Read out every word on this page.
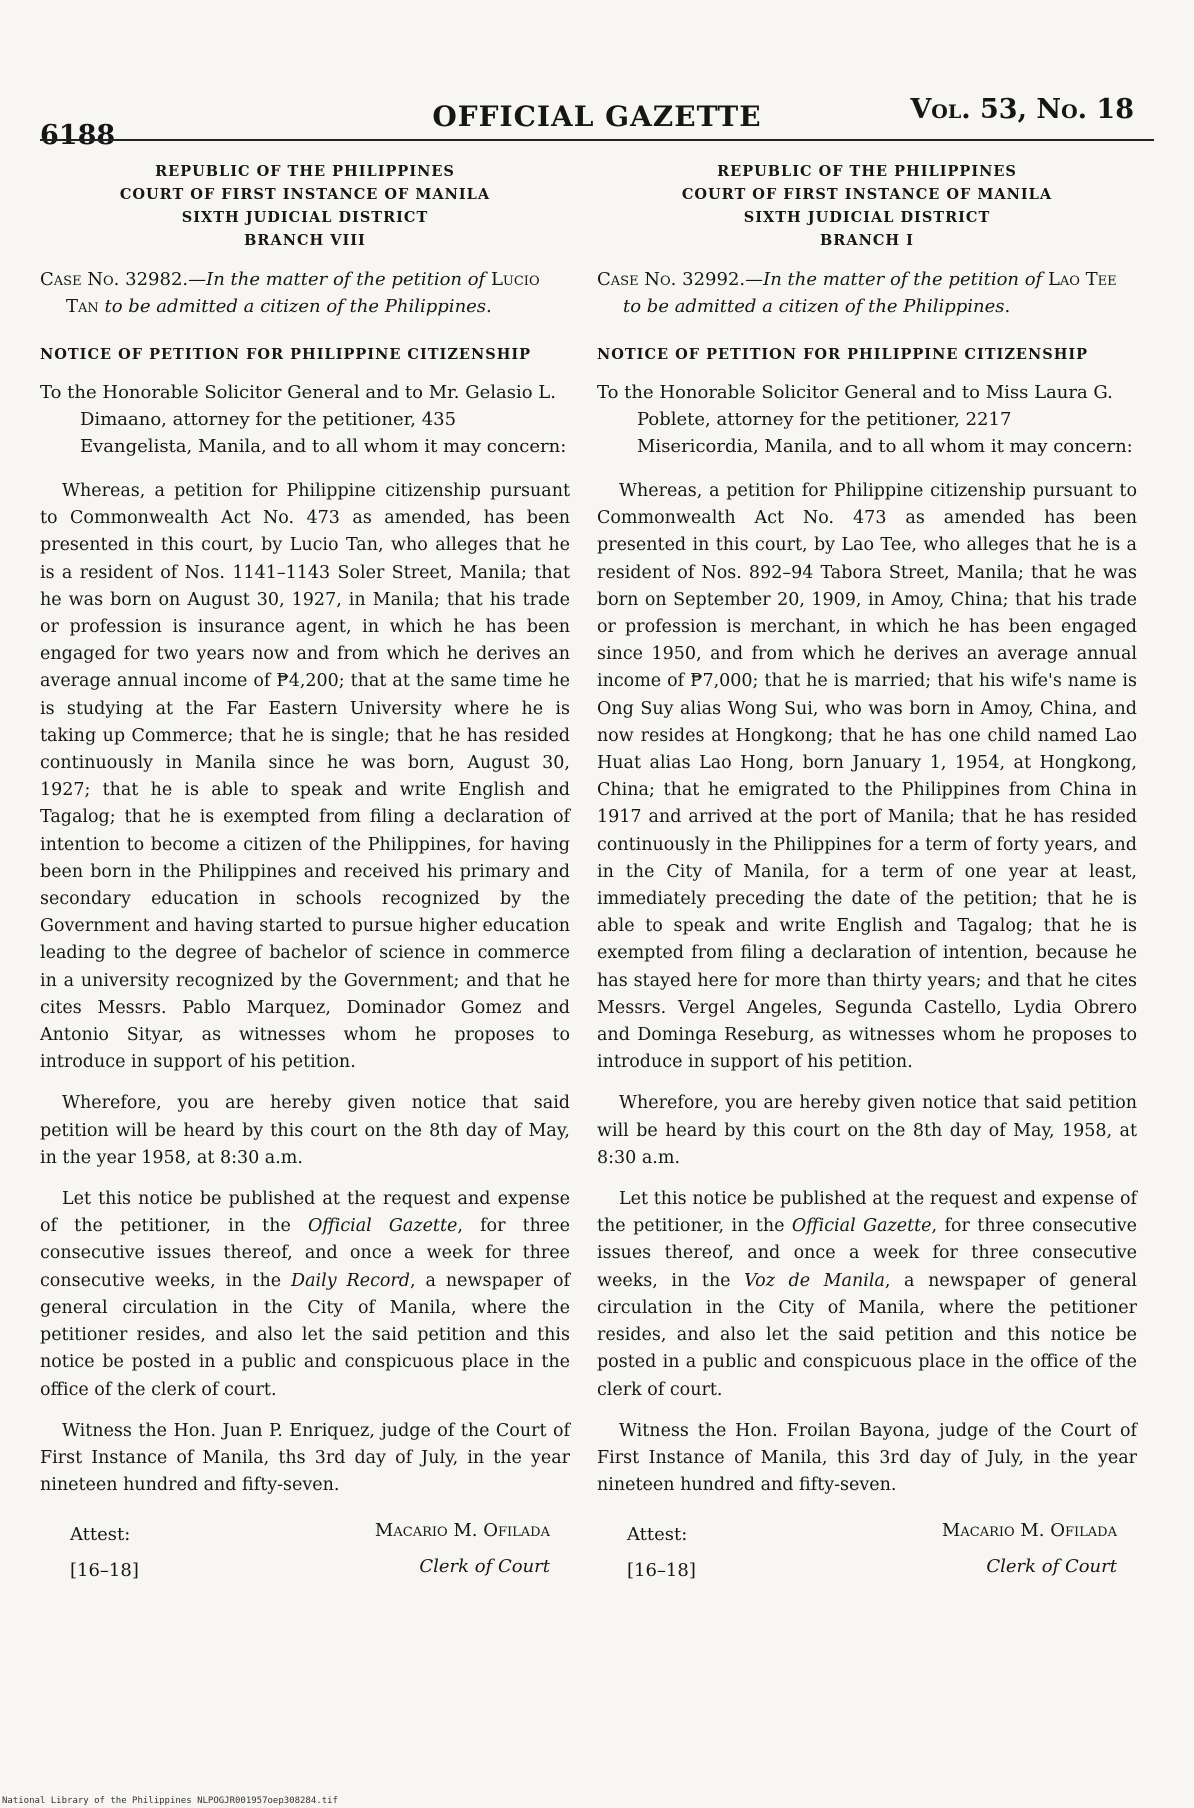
6188
OFFICIAL GAZETTE	Vol. 53, No. 18
REPUBLIC OF THE PHILIPPINES
COURT OF FIRST INSTANCE OF MANILA
SIXTH JUDICIAL DISTRICT
BRANCH VIII
Case No. 32982.—In the matter of the petition of Lucio Tan to be admitted a citizen of the Philippines.
NOTICE OF PETITION FOR PHILIPPINE CITIZENSHIP
To the Honorable Solicitor General and to Mr. Gelasio L. Dimaano, attorney for the petitioner, 435 Evangelista, Manila, and to all whom it may concern:

Whereas, a petition for Philippine citizenship pursuant to Commonwealth Act No. 473 as amended, has been presented in this court, by Lucio Tan, who alleges that he is a resident of Nos. 1141–1143 Soler Street, Manila; that he was born on August 30, 1927, in Manila; that his trade or profession is insurance agent, in which he has been engaged for two years now and from which he derives an average annual income of ₱4,200; that at the same time he is studying at the Far Eastern University where he is taking up Commerce; that he is single; that he has resided continuously in Manila since he was born, August 30, 1927; that he is able to speak and write English and Tagalog; that he is exempted from filing a declaration of intention to become a citizen of the Philippines, for having been born in the Philippines and received his primary and secondary education in schools recognized by the Government and having started to pursue higher education leading to the degree of bachelor of science in commerce in a university recognized by the Government; and that he cites Messrs. Pablo Marquez, Dominador Gomez and Antonio Sityar, as witnesses whom he proposes to introduce in support of his petition.

Wherefore, you are hereby given notice that said petition will be heard by this court on the 8th day of May, in the year 1958, at 8:30 a.m.

Let this notice be published at the request and expense of the petitioner, in the Official Gazette, for three consecutive issues thereof, and once a week for three consecutive weeks, in the Daily Record, a newspaper of general circulation in the City of Manila, where the petitioner resides, and also let the said petition and this notice be posted in a public and conspicuous place in the office of the clerk of court.

Witness the Hon. Juan P. Enriquez, judge of the Court of First Instance of Manila, ths 3rd day of July, in the year nineteen hundred and fifty-seven.

Attest:
[16–18]
Macario M. Ofilada
Clerk of Court
REPUBLIC OF THE PHILIPPINES
COURT OF FIRST INSTANCE OF MANILA
SIXTH JUDICIAL DISTRICT
BRANCH I
Case No. 32992.—In the matter of the petition of Lao Tee to be admitted a citizen of the Philippines.
NOTICE OF PETITION FOR PHILIPPINE CITIZENSHIP
To the Honorable Solicitor General and to Miss Laura G. Poblete, attorney for the petitioner, 2217 Misericordia, Manila, and to all whom it may concern:

Whereas, a petition for Philippine citizenship pursuant to Commonwealth Act No. 473 as amended has been presented in this court, by Lao Tee, who alleges that he is a resident of Nos. 892–94 Tabora Street, Manila; that he was born on September 20, 1909, in Amoy, China; that his trade or profession is merchant, in which he has been engaged since 1950, and from which he derives an average annual income of ₱7,000; that he is married; that his wife's name is Ong Suy alias Wong Sui, who was born in Amoy, China, and now resides at Hongkong; that he has one child named Lao Huat alias Lao Hong, born January 1, 1954, at Hongkong, China; that he emigrated to the Philippines from China in 1917 and arrived at the port of Manila; that he has resided continuously in the Philippines for a term of forty years, and in the City of Manila, for a term of one year at least, immediately preceding the date of the petition; that he is able to speak and write English and Tagalog; that he is exempted from filing a declaration of intention, because he has stayed here for more than thirty years; and that he cites Messrs. Vergel Angeles, Segunda Castello, Lydia Obrero and Dominga Reseburg, as witnesses whom he proposes to introduce in support of his petition.

Wherefore, you are hereby given notice that said petition will be heard by this court on the 8th day of May, 1958, at 8:30 a.m.

Let this notice be published at the request and expense of the petitioner, in the Official Gazette, for three consecutive issues thereof, and once a week for three consecutive weeks, in the Voz de Manila, a newspaper of general circulation in the City of Manila, where the petitioner resides, and also let the said petition and this notice be posted in a public and conspicuous place in the office of the clerk of court.

Witness the Hon. Froilan Bayona, judge of the Court of First Instance of Manila, this 3rd day of July, in the year nineteen hundred and fifty-seven.

Attest:
[16–18]
Macario M. Ofilada
Clerk of Court
National Library of the Philippines NLPOGJR001957oep308284.tif
